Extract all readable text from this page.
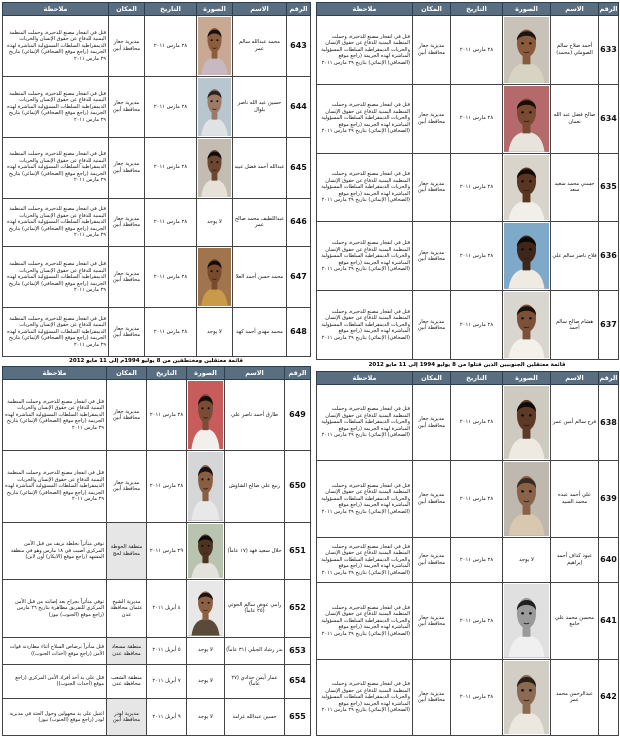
ملاحظة	المكان	التاريخ	الصورة	الاسم	الرقم
قتل في انفجار مصنع للذخيرة، وحملت المنظمة اليمنية للدفاع عن حقوق الإنسان والحريات الديمقراطية السلطات المسؤولية المباشرة لهذه الجريمة (راجع موقع (الصحافي) الإنمائي) بتاريخ ٢٩ مارس ٢٠١١	مديرية جعار محافظة أبين	٢٨ مارس ٢٠١١		أحمد صلاح سالم الصوملي (محمد)	633
قتل في انفجار مصنع للذخيرة، وحملت المنظمة اليمنية للدفاع عن حقوق الإنسان والحريات الديمقراطية السلطات المسؤولية المباشرة لهذه الجريمة (راجع موقع (الصحافي) الإنمائي) بتاريخ ٢٩ مارس ٢٠١١	مديرية جعار محافظة أبين	٢٨ مارس ٢٠١١		صالح فضل عبد الله نعمان	634
قتل في انفجار مصنع للذخيرة، وحملت المنظمة اليمنية للدفاع عن حقوق الإنسان والحريات الديمقراطية السلطات المسؤولية المباشرة لهذه الجريمة (راجع موقع (الصحافي) الإنمائي) بتاريخ ٢٩ مارس ٢٠١١	مديرية جعار محافظة أبين	٢٨ مارس ٢٠١١		حسني محمد سعيد سعد	635
قتل في انفجار مصنع للذخيرة، وحملت المنظمة اليمنية للدفاع عن حقوق الإنسان والحريات الديمقراطية السلطات المسؤولية المباشرة لهذه الجريمة (راجع موقع (الصحافي) الإنمائي) بتاريخ ٢٩ مارس ٢٠١١	مديرية جعار محافظة أبين	٢٨ مارس ٢٠١١		فلاح ناصر سالم علي	636
قتل في انفجار مصنع للذخيرة، وحملت المنظمة اليمنية للدفاع عن حقوق الإنسان والحريات الديمقراطية السلطات المسؤولية المباشرة لهذه الجريمة (راجع موقع (الصحافي) الإنمائي) بتاريخ ٢٩ مارس ٢٠١١	مديرية جعار محافظة أبين	٢٨ مارس ٢٠١١		هشام صالح سالم أحمد	637
ملاحظة	المكان	التاريخ	الصورة	الاسم	الرقم
قتل في انفجار مصنع للذخيرة، وحملت المنظمة اليمنية للدفاع عن حقوق الإنسان والحريات الديمقراطية السلطات المسؤولية المباشرة لهذه الجريمة (راجع موقع (الصحافي) الإنمائي) بتاريخ ٢٩ مارس ٢٠١١	مديرية جعار محافظة أبين	٢٨ مارس ٢٠١١		محمد عبدالله سالم عمر	643
قتل في انفجار مصنع للذخيرة، وحملت المنظمة اليمنية للدفاع عن حقوق الإنسان والحريات الديمقراطية السلطات المسؤولية المباشرة لهذه الجريمة (راجع موقع (الصحافي) الإنمائي) بتاريخ ٢٩ مارس ٢٠١١	مديرية جعار محافظة أبين	٢٨ مارس ٢٠١١		حسين عبد الله ناصر بلوال	644
قتل في انفجار مصنع للذخيرة، وحملت المنظمة اليمنية للدفاع عن حقوق الإنسان والحريات الديمقراطية السلطات المسؤولية المباشرة لهذه الجريمة (راجع موقع (الصحافي) الإنمائي) بتاريخ ٢٩ مارس ٢٠١١	مديرية جعار محافظة أبين	٢٨ مارس ٢٠١١		عبدالله أحمد فضل عبيد	645
قتل في انفجار مصنع للذخيرة، وحملت المنظمة اليمنية للدفاع عن حقوق الإنسان والحريات الديمقراطية السلطات المسؤولية المباشرة لهذه الجريمة (راجع موقع (الصحافي) الإنمائي) بتاريخ ٢٩ مارس ٢٠١١	مديرية جعار محافظة أبين	٢٨ مارس ٢٠١١	لا يوجد	عبداللطيف محمد صالح عمر	646
قتل في انفجار مصنع للذخيرة، وحملت المنظمة اليمنية للدفاع عن حقوق الإنسان والحريات الديمقراطية السلطات المسؤولية المباشرة لهذه الجريمة (راجع موقع (الصحافي) الإنمائي) بتاريخ ٢٩ مارس ٢٠١١	مديرية جعار محافظة أبين	٢٨ مارس ٢٠١١		محمد حسن أحمد العلا	647
قتل في انفجار مصنع للذخيرة، وحملت المنظمة اليمنية للدفاع عن حقوق الإنسان والحريات الديمقراطية السلطات المسؤولية المباشرة لهذه الجريمة (راجع موقع (الصحافي) الإنمائي) بتاريخ ٢٩ مارس ٢٠١١	مديرية جعار محافظة أبين	٢٨ مارس ٢٠١١	لا يوجد	محمد مهدي أحمد كهد	648
قائمة معتقلين ومختطفين من 8 يوليو 1994م إلى 11 مايو 2012
قائمة معتقلين الجنوبيين الذين قتلوا من 8 يوليو 1994 إلى 11 مايو 2012
ملاحظة	المكان	التاريخ	الصورة	الاسم	الرقم
قتل في انفجار مصنع للذخيرة، وحملت المنظمة اليمنية للدفاع عن حقوق الإنسان والحريات الديمقراطية السلطات المسؤولية المباشرة لهذه الجريمة (راجع موقع (الصحافي) الإنمائي) بتاريخ ٢٩ مارس ٢٠١١	مديرية جعار محافظة أبين	٢٨ مارس ٢٠١١		طارق أحمد ناصر علي	649
قتل في انفجار مصنع للذخيرة، وحملت المنظمة اليمنية للدفاع عن حقوق الإنسان والحريات الديمقراطية السلطات المسؤولية المباشرة لهذه الجريمة (راجع موقع (الصحافي) الإنمائي) بتاريخ ٢٩ مارس ٢٠١١	مديرية جعار محافظة أبين	٢٨ مارس ٢٠١١		ربيع علي صالح الشاوش	650
توفي متأثراً بجلطة نزيف من قبل الأمن المركزي أصيب في ١٨ مارس وهو في منطقة المشهد (راجع موقع (الايكار) أون لاين)	منطقة الحوطة محافظة لحج	٢٩ مارس ٢٠١١		حلال سعيد فهد (١٧ عاماً)	651
توفي متأثراً بجراح بعد إصابته من قبل الأمن المركزي للتفريق مظاهرة بتاريخ ٢٦ مارس (راجع موقع (الجنوب) نيوز)	مديرية الشيخ عثمان محافظة عدن	٤ أبريل ٢٠١١		رامي عوض سالم الحوتي (٢٥ عاماً)	652
قتل متأثراً برصاص السلاح أثناء مطاردته قوات الأمن (راجع موقع (أحداث الجنوب))	منطقة مسعاد محافظة عدن	٥ أبريل ٢٠١١	لا يوجد	بدر رشاد الجبلي (٣١ عاماً)	653
قتل على يد أحد أفراد الأمن المركزي (راجع موقع (أحداث الجنوب))	منطقة الشعب محافظة عدن	٧ أبريل ٢٠١١	لا يوجد	عمار أيمن حدادي (٢٧ عاماً)	654
اغتيل على يد مجهولين وحول الجثة في مديرية لودر (راجع موقع (الجنوب) نيوز)	مديرية لودر محافظة أبين	٩ أبريل ٢٠١١	لا يوجد	حسين عبدالله غرامة	655
ملاحظة	المكان	التاريخ	الصورة	الاسم	الرقم
قتل في انفجار مصنع للذخيرة، وحملت المنظمة اليمنية للدفاع عن حقوق الإنسان والحريات الديمقراطية السلطات المسؤولية المباشرة لهذه الجريمة (راجع موقع (الصحافي) الإنمائي) بتاريخ ٢٩ مارس ٢٠١١	مديرية جعار محافظة أبين	٢٨ مارس ٢٠١١		فرج سالم أمين عمر	638
قتل في انفجار مصنع للذخيرة، وحملت المنظمة اليمنية للدفاع عن حقوق الإنسان والحريات الديمقراطية السلطات المسؤولية المباشرة لهذه الجريمة (راجع موقع (الصحافي) الإنمائي) بتاريخ ٢٩ مارس ٢٠١١	مديرية جعار محافظة أبين	٢٨ مارس ٢٠١١		علي أحمد عبده محمد السيد	639
قتل في انفجار مصنع للذخيرة، وحملت المنظمة اليمنية للدفاع عن حقوق الإنسان والحريات الديمقراطية السلطات المسؤولية المباشرة لهذه الجريمة (راجع موقع (الصحافي) الإنمائي) بتاريخ ٢٩ مارس ٢٠١١	مديرية جعار محافظة أبين	٢٨ مارس ٢٠١١	لا يوجد	عبود كذاف أحمد إبراهيم	640
قتل في انفجار مصنع للذخيرة، وحملت المنظمة اليمنية للدفاع عن حقوق الإنسان والحريات الديمقراطية السلطات المسؤولية المباشرة لهذه الجريمة (راجع موقع (الصحافي) الإنمائي) بتاريخ ٢٩ مارس ٢٠١١	مديرية جعار محافظة أبين	٢٨ مارس ٢٠١١		محسن محمد علي جامع	641
قتل في انفجار مصنع للذخيرة، وحملت المنظمة اليمنية للدفاع عن حقوق الإنسان والحريات الديمقراطية السلطات المسؤولية المباشرة لهذه الجريمة (راجع موقع (الصحافي) الإنمائي) بتاريخ ٢٩ مارس ٢٠١١	مديرية جعار محافظة أبين	٢٨ مارس ٢٠١١		عبدالرحمن محمد عمر	642
